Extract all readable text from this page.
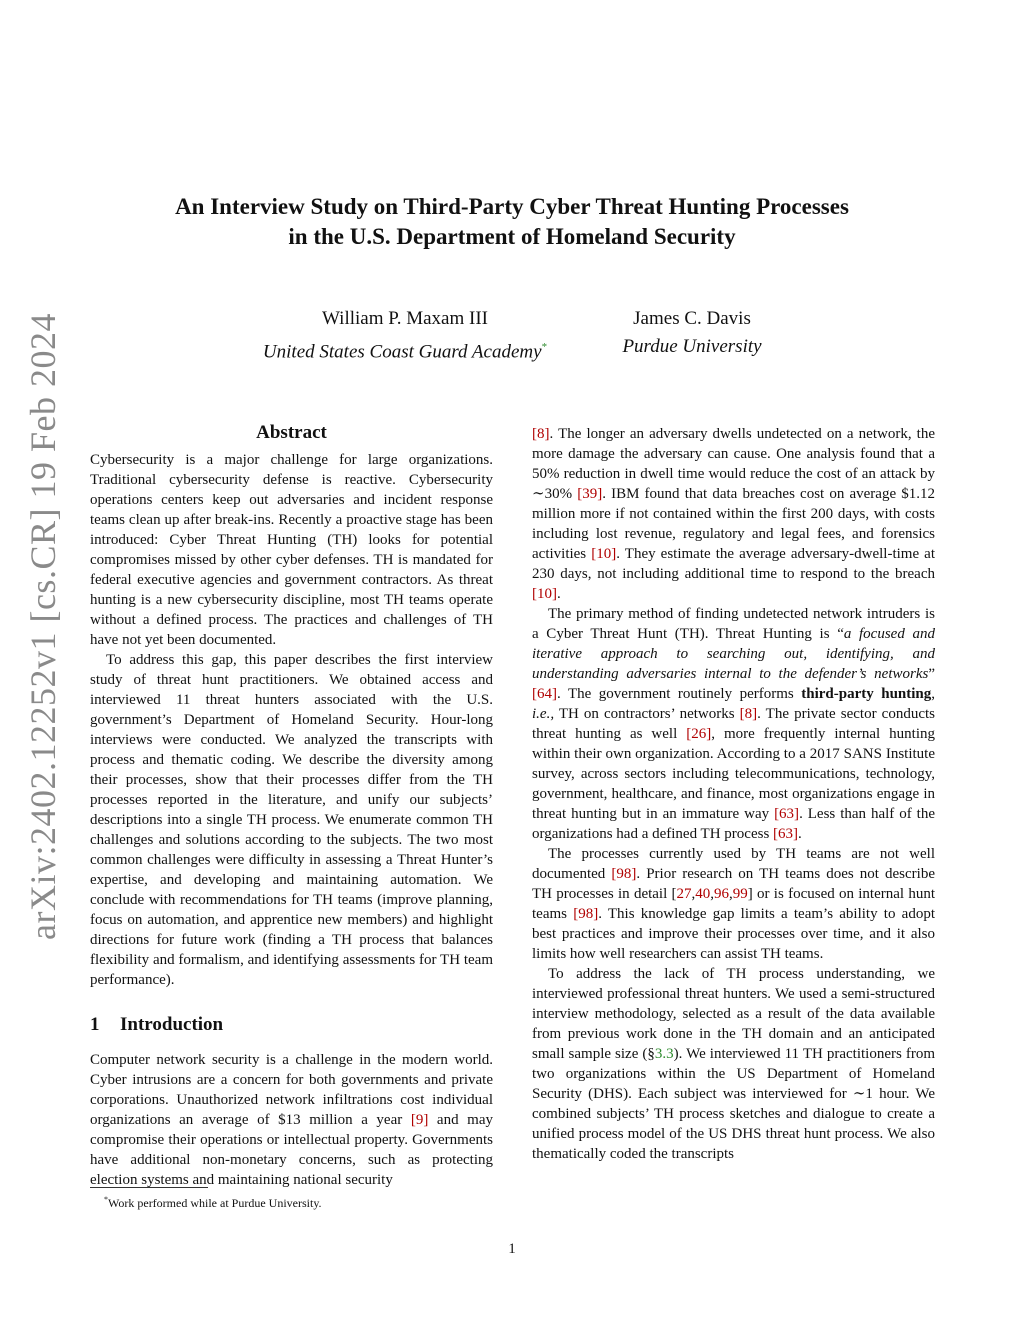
arXiv:2402.12252v1 [cs.CR] 19 Feb 2024
An Interview Study on Third-Party Cyber Threat Hunting Processes
in the U.S. Department of Homeland Security
William P. Maxam III
United States Coast Guard Academy*
James C. Davis
Purdue University
Abstract

Cybersecurity is a major challenge for large organizations. Traditional cybersecurity defense is reactive. Cybersecurity operations centers keep out adversaries and incident response teams clean up after break-ins. Recently a proactive stage has been introduced: Cyber Threat Hunting (TH) looks for potential compromises missed by other cyber defenses. TH is mandated for federal executive agencies and government contractors. As threat hunting is a new cybersecurity discipline, most TH teams operate without a defined process. The practices and challenges of TH have not yet been documented.

To address this gap, this paper describes the first interview study of threat hunt practitioners. We obtained access and interviewed 11 threat hunters associated with the U.S. government’s Department of Homeland Security. Hour-long interviews were conducted. We analyzed the transcripts with process and thematic coding. We describe the diversity among their processes, show that their processes differ from the TH processes reported in the literature, and unify our subjects’ descriptions into a single TH process. We enumerate common TH challenges and solutions according to the subjects. The two most common challenges were difficulty in assessing a Threat Hunter’s expertise, and developing and maintaining automation. We conclude with recommendations for TH teams (improve planning, focus on automation, and apprentice new members) and highlight directions for future work (finding a TH process that balances flexibility and formalism, and identifying assessments for TH team performance).

1 Introduction

Computer network security is a challenge in the modern world. Cyber intrusions are a concern for both governments and private corporations. Unauthorized network infiltrations cost individual organizations an average of $13 million a year [9] and may compromise their operations or intellectual property. Governments have additional non-monetary concerns, such as protecting election systems and maintaining national security

[8]. The longer an adversary dwells undetected on a network, the more damage the adversary can cause. One analysis found that a 50% reduction in dwell time would reduce the cost of an attack by ∼30% [39]. IBM found that data breaches cost on average $1.12 million more if not contained within the first 200 days, with costs including lost revenue, regulatory and legal fees, and forensics activities [10]. They estimate the average adversary-dwell-time at 230 days, not including additional time to respond to the breach [10].

The primary method of finding undetected network intruders is a Cyber Threat Hunt (TH). Threat Hunting is “a focused and iterative approach to searching out, identifying, and understanding adversaries internal to the defender’s networks” [64]. The government routinely performs third-party hunting, i.e., TH on contractors’ networks [8]. The private sector conducts threat hunting as well [26], more frequently internal hunting within their own organization. According to a 2017 SANS Institute survey, across sectors including telecommunications, technology, government, healthcare, and finance, most organizations engage in threat hunting but in an immature way [63]. Less than half of the organizations had a defined TH process [63].

The processes currently used by TH teams are not well documented [98]. Prior research on TH teams does not describe TH processes in detail [27,40,96,99] or is focused on internal hunt teams [98]. This knowledge gap limits a team’s ability to adopt best practices and improve their processes over time, and it also limits how well researchers can assist TH teams.

To address the lack of TH process understanding, we interviewed professional threat hunters. We used a semi-structured interview methodology, selected as a result of the data available from previous work done in the TH domain and an anticipated small sample size (§3.3). We interviewed 11 TH practitioners from two organizations within the US Department of Homeland Security (DHS). Each subject was interviewed for ∼1 hour. We combined subjects’ TH process sketches and dialogue to create a unified process model of the US DHS threat hunt process. We also thematically coded the transcripts

*Work performed while at Purdue University.
1
